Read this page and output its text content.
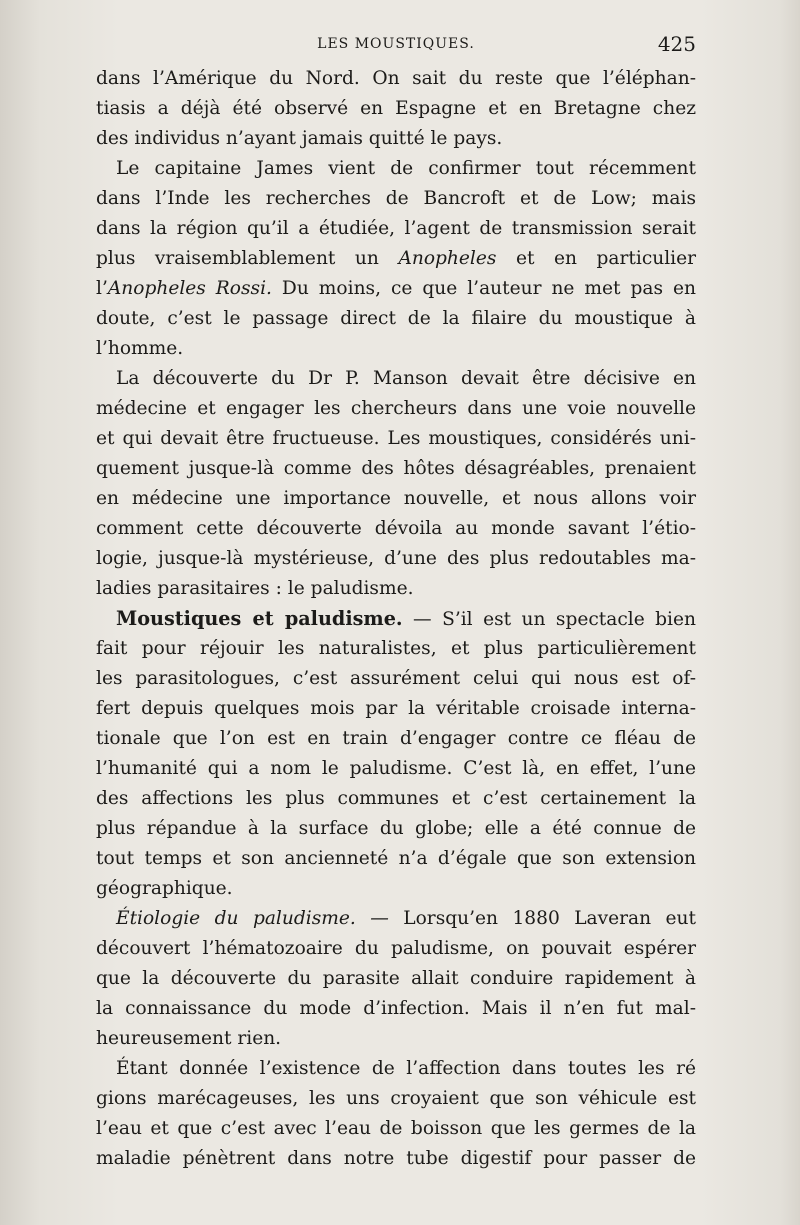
LES MOUSTIQUES.	425
dans l’Amérique du Nord. On sait du reste que l’éléphan-
tiasis a déjà été observé en Espagne et en Bretagne chez
des individus n’ayant jamais quitté le pays.
Le capitaine James vient de confirmer tout récemment
dans l’Inde les recherches de Bancroft et de Low; mais
dans la région qu’il a étudiée, l’agent de transmission serait
plus vraisemblablement un Anopheles et en particulier
l’Anopheles Rossi. Du moins, ce que l’auteur ne met pas en
doute, c’est le passage direct de la filaire du moustique à
l’homme.
La découverte du Dr P. Manson devait être décisive en
médecine et engager les chercheurs dans une voie nouvelle
et qui devait être fructueuse. Les moustiques, considérés uni-
quement jusque-là comme des hôtes désagréables, prenaient
en médecine une importance nouvelle, et nous allons voir
comment cette découverte dévoila au monde savant l’étio-
logie, jusque-là mystérieuse, d’une des plus redoutables ma-
ladies parasitaires : le paludisme.
Moustiques et paludisme. — S’il est un spectacle bien
fait pour réjouir les naturalistes, et plus particulièrement
les parasitologues, c’est assurément celui qui nous est of-
fert depuis quelques mois par la véritable croisade interna-
tionale que l’on est en train d’engager contre ce fléau de
l’humanité qui a nom le paludisme. C’est là, en effet, l’une
des affections les plus communes et c’est certainement la
plus répandue à la surface du globe; elle a été connue de
tout temps et son ancienneté n’a d’égale que son extension
géographique.
Étiologie du paludisme. — Lorsqu’en 1880 Laveran eut
découvert l’hématozoaire du paludisme, on pouvait espérer
que la découverte du parasite allait conduire rapidement à
la connaissance du mode d’infection. Mais il n’en fut mal-
heureusement rien.
Étant donnée l’existence de l’affection dans toutes les ré
gions marécageuses, les uns croyaient que son véhicule est
l’eau et que c’est avec l’eau de boisson que les germes de la
maladie pénètrent dans notre tube digestif pour passer de
